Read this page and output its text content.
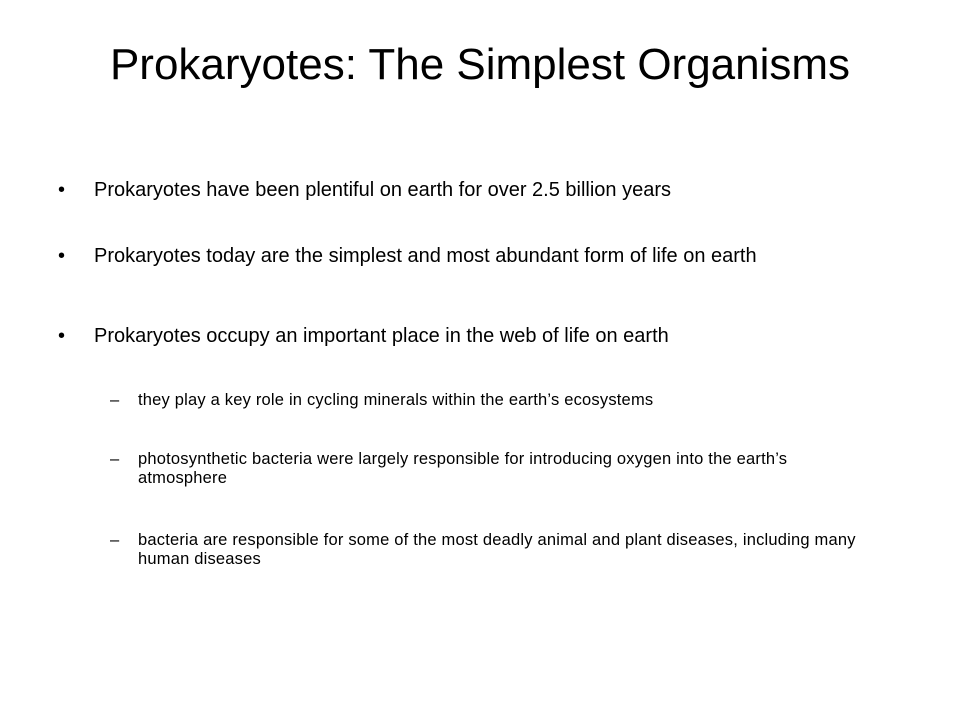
Prokaryotes: The Simplest Organisms
• Prokaryotes have been plentiful on earth for over 2.5 billion years
• Prokaryotes today are the simplest and most abundant form of life on earth
• Prokaryotes occupy an important place in the web of life on earth
– they play a key role in cycling minerals within the earth’s ecosystems
– photosynthetic bacteria were largely responsible for introducing oxygen into the earth’s atmosphere
– bacteria are responsible for some of the most deadly animal and plant diseases, including many human diseases
